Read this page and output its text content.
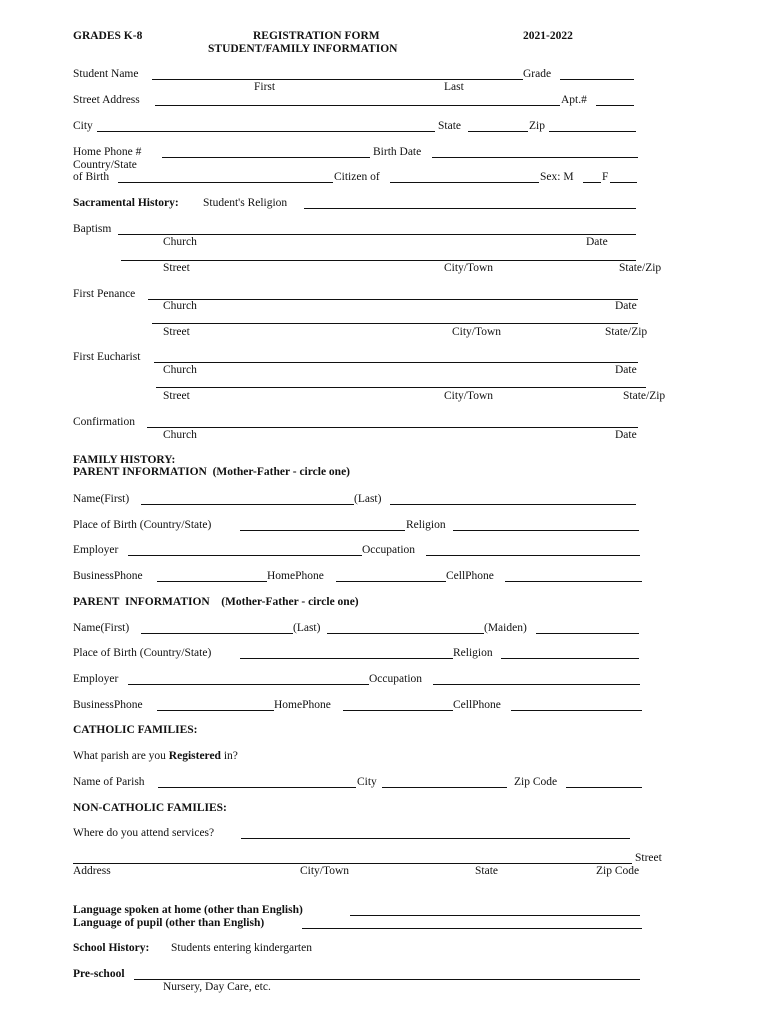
GRADES K-8	REGISTRATION FORM
STUDENT/FAMILY INFORMATION
2021-2022
Student Name	Grade
First	Last
Street Address	Apt.#
City	State	Zip
Home Phone #	Birth Date
Country/State
of Birth	Citizen of	Sex: M F
Sacramental History: Student's Religion
Baptism
Church	Date
Street	City/Town	State/Zip
First Penance
Church	Date
Street	City/Town	State/Zip
First Eucharist
Church	Date
Street	City/Town	State/Zip
Confirmation
Church	Date
FAMILY HISTORY:
PARENT INFORMATION  (Mother-Father - circle one)
Name(First)	(Last)
Place of Birth (Country/State)	Religion
Employer	Occupation
BusinessPhone	HomePhone	CellPhone
PARENT  INFORMATION    (Mother-Father - circle one)
Name(First)	(Last)	(Maiden)
Place of Birth (Country/State)	Religion
Employer	Occupation
BusinessPhone	HomePhone	CellPhone
CATHOLIC FAMILIES:
What parish are you Registered in?
Name of Parish	City	Zip Code
NON-CATHOLIC FAMILIES:
Where do you attend services?
Street
Address	City/Town	State	Zip Code
Language spoken at home (other than English)
Language of pupil (other than English)
School History: Students entering kindergarten
Pre-school
Nursery, Day Care, etc.
